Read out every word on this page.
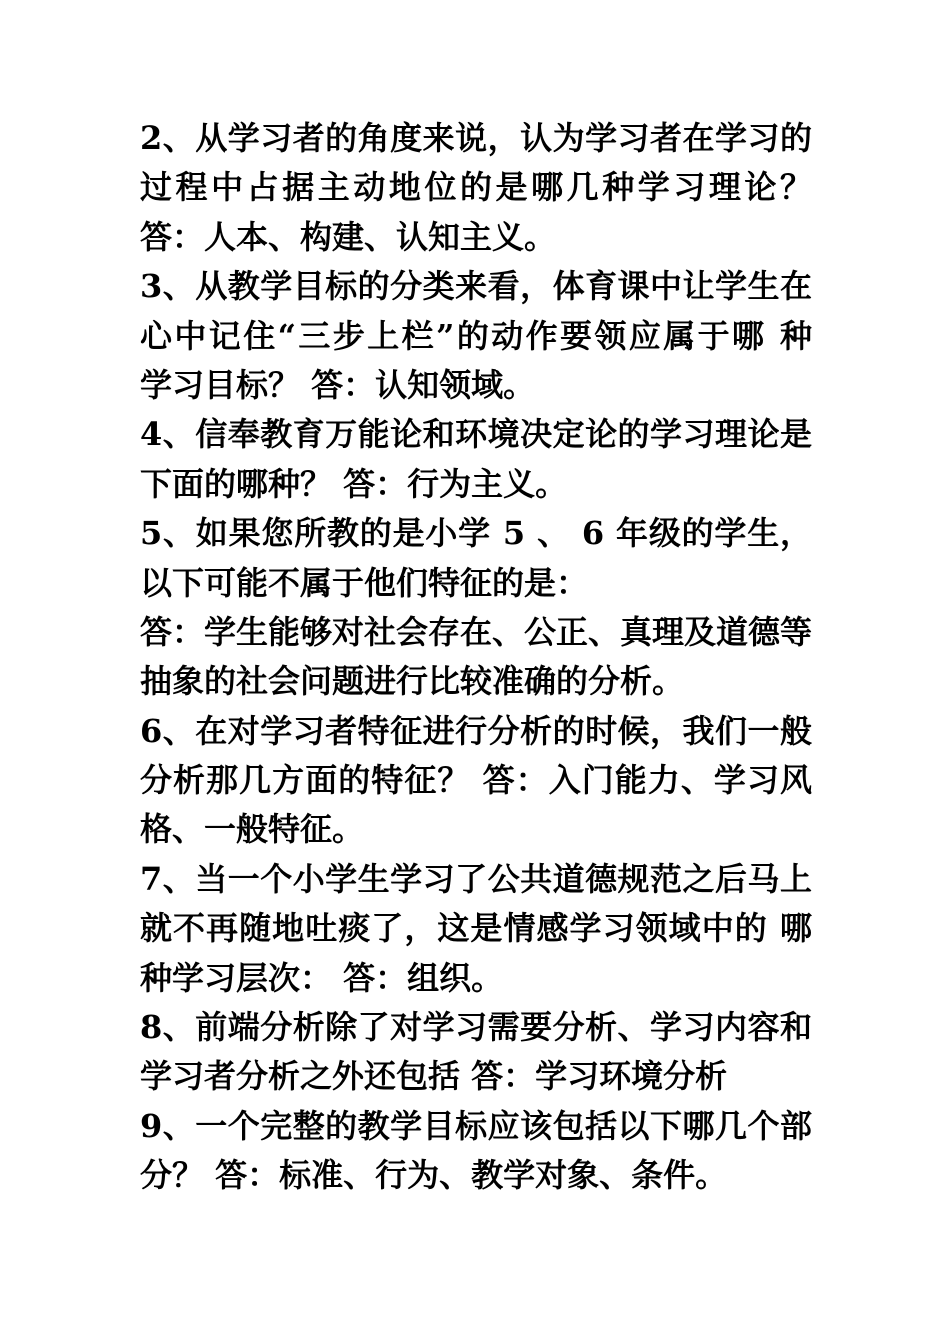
2、从学习者的角度来说，认为学习者在学习的
过程中占据主动地位的是哪几种学习理论？
答：人本、构建、认知主义。
3、从教学目标的分类来看，体育课中让学生在
心中记住“三步上栏”的动作要领应属于哪 种
学习目标？ 答：认知领域。
4、信奉教育万能论和环境决定论的学习理论是
下面的哪种？ 答：行为主义。
5、如果您所教的是小学 5 、 6 年级的学生，
以下可能不属于他们特征的是：
答：学生能够对社会存在、公正、真理及道德等
抽象的社会问题进行比较准确的分析。
6、在对学习者特征进行分析的时候，我们一般
分析那几方面的特征？ 答：入门能力、学习风
格、一般特征。
7、当一个小学生学习了公共道德规范之后马上
就不再随地吐痰了，这是情感学习领域中的 哪
种学习层次： 答：组织。
8、前端分析除了对学习需要分析、学习内容和
学习者分析之外还包括 答：学习环境分析
9、一个完整的教学目标应该包括以下哪几个部
分？ 答：标准、行为、教学对象、条件。
